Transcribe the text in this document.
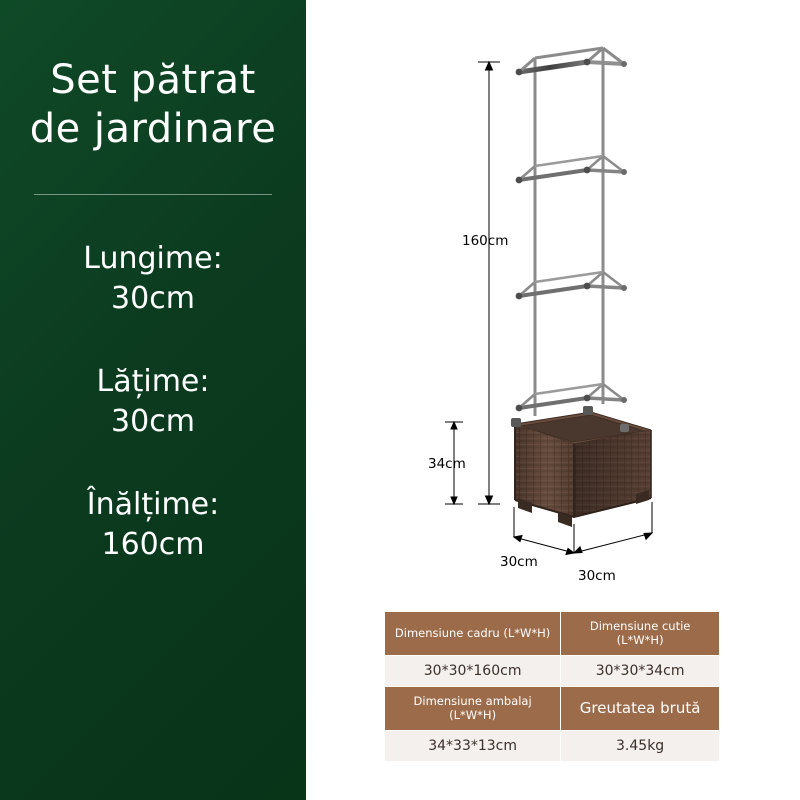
Set pătrat
de jardinare
Lungime:
30cm
Lățime:
30cm
Înălțime:
160cm
160cm
34cm
30cm
30cm
Dimensiune cadru (L*W*H)	Dimensiune cutie (L*W*H)
30*30*160cm	30*30*34cm
Dimensiune ambalaj (L*W*H)	Greutatea brută
34*33*13cm	3.45kg
